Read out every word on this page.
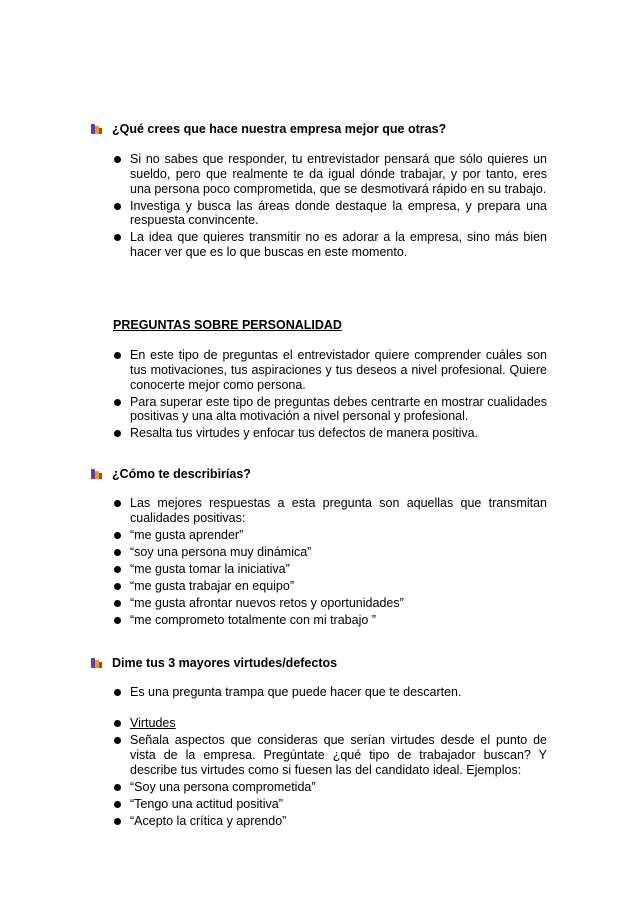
¿Qué crees que hace nuestra empresa mejor que otras?
Si no sabes que responder, tu entrevistador pensará que sólo quieres un sueldo, pero que realmente te da igual dónde trabajar, y por tanto, eres una persona poco comprometida, que se desmotivará rápido en su trabajo.
Investiga y busca las áreas donde destaque la empresa, y prepara una respuesta convincente.
La idea que quieres transmitir no es adorar a la empresa, sino más bien hacer ver que es lo que buscas en este momento.
PREGUNTAS SOBRE PERSONALIDAD
En este tipo de preguntas el entrevistador quiere comprender cuáles son tus motivaciones, tus aspiraciones y tus deseos a nivel profesional. Quiere conocerte mejor como persona.
Para superar este tipo de preguntas debes centrarte en mostrar cualidades positivas y una alta motivación a nivel personal y profesional.
Resalta tus virtudes y enfocar tus defectos de manera positiva.
¿Cómo te describirías?
Las mejores respuestas a esta pregunta son aquellas que transmitan cualidades positivas:
“me gusta aprender”
“soy una persona muy dinámica”
“me gusta tomar la iniciativa”
“me gusta trabajar en equipo”
“me gusta afrontar nuevos retos y oportunidades”
“me comprometo totalmente con mi trabajo ”
Dime tus 3 mayores virtudes/defectos
Es una pregunta trampa que puede hacer que te descarten.
Virtudes
Señala aspectos que consideras que serían virtudes desde el punto de vista de la empresa. Pregúntate ¿qué tipo de trabajador buscan? Y describe tus virtudes como si fuesen las del candidato ideal. Ejemplos:
“Soy una persona comprometida”
“Tengo una actitud positiva”
“Acepto la crítica y aprendo”
